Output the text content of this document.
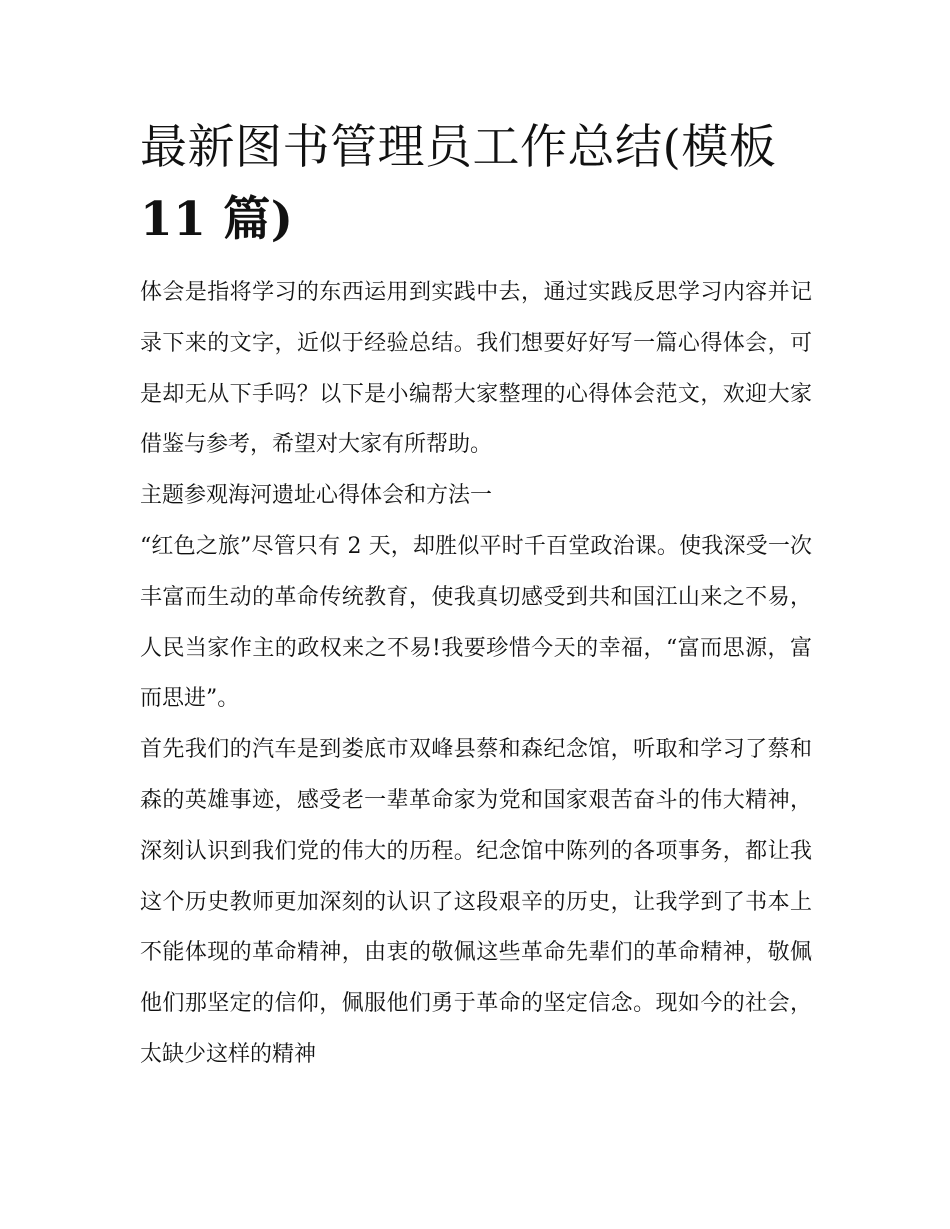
最新图书管理员工作总结(模板
11 篇)

体会是指将学习的东西运用到实践中去，通过实践反思学习内容并记录下来的文字，近似于经验总结。我们想要好好写一篇心得体会，可是却无从下手吗？以下是小编帮大家整理的心得体会范文，欢迎大家借鉴与参考，希望对大家有所帮助。

主题参观海河遗址心得体会和方法一

“红色之旅”尽管只有 2 天，却胜似平时千百堂政治课。使我深受一次丰富而生动的革命传统教育，使我真切感受到共和国江山来之不易，人民当家作主的政权来之不易!我要珍惜今天的幸福，“富而思源，富而思进”。

首先我们的汽车是到娄底市双峰县蔡和森纪念馆，听取和学习了蔡和森的英雄事迹，感受老一辈革命家为党和国家艰苦奋斗的伟大精神，深刻认识到我们党的伟大的历程。纪念馆中陈列的各项事务，都让我这个历史教师更加深刻的认识了这段艰辛的历史，让我学到了书本上不能体现的革命精神，由衷的敬佩这些革命先辈们的革命精神，敬佩他们那坚定的信仰，佩服他们勇于革命的坚定信念。现如今的社会，太缺少这样的精神
